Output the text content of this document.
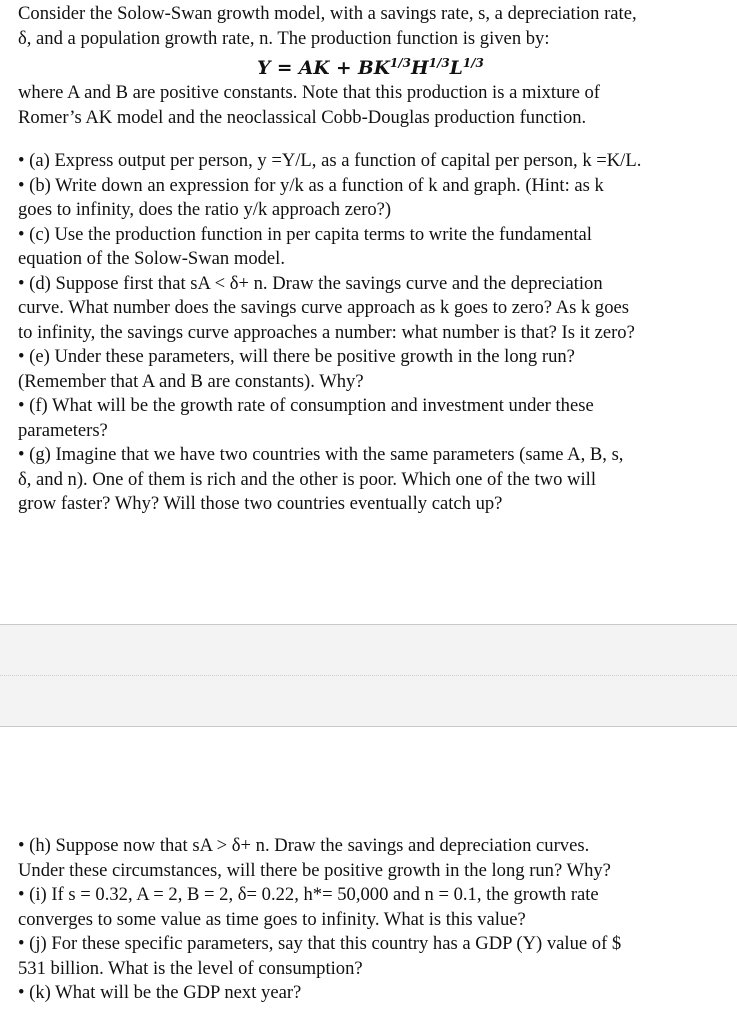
Consider the Solow-Swan growth model, with a savings rate, s, a depreciation rate,
δ, and a population growth rate, n. The production function is given by:
Y = AK + $BK^{1/3}H^{1/3}L^{1/3}$
where A and B are positive constants. Note that this production is a mixture of
Romer’s AK model and the neoclassical Cobb-Douglas production function.
• (a) Express output per person, y =Y/L, as a function of capital per person, k =K/L.
• (b) Write down an expression for y/k as a function of k and graph. (Hint: as k
goes to infinity, does the ratio y/k approach zero?)
• (c) Use the production function in per capita terms to write the fundamental
equation of the Solow-Swan model.
• (d) Suppose first that sA < δ+ n. Draw the savings curve and the depreciation
curve. What number does the savings curve approach as k goes to zero? As k goes
to infinity, the savings curve approaches a number: what number is that? Is it zero?
• (e) Under these parameters, will there be positive growth in the long run?
(Remember that A and B are constants). Why?
• (f) What will be the growth rate of consumption and investment under these
parameters?
• (g) Imagine that we have two countries with the same parameters (same A, B, s,
δ, and n). One of them is rich and the other is poor. Which one of the two will
grow faster? Why? Will those two countries eventually catch up?
• (h) Suppose now that sA > δ+ n. Draw the savings and depreciation curves.
Under these circumstances, will there be positive growth in the long run? Why?
• (i) If s = 0.32, A = 2, B = 2, δ= 0.22, h*= 50,000 and n = 0.1, the growth rate
converges to some value as time goes to infinity. What is this value?
• (j) For these specific parameters, say that this country has a GDP (Y) value of $
531 billion. What is the level of consumption?
• (k) What will be the GDP next year?
